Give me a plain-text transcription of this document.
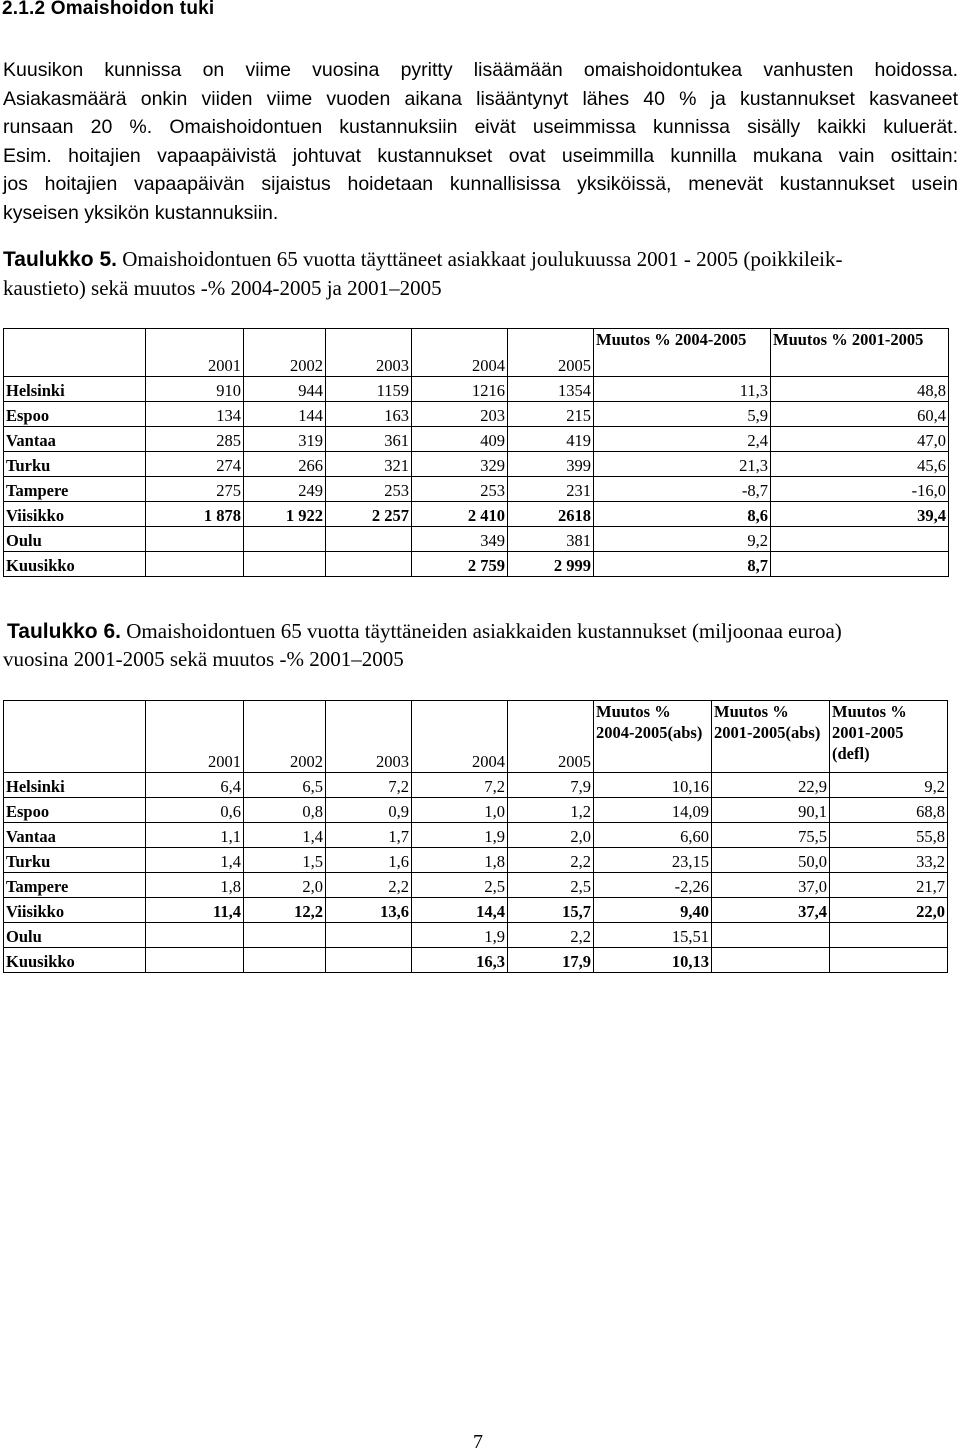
2.1.2 Omaishoidon tuki
Kuusikon kunnissa on viime vuosina pyritty lisäämään omaishoidontukea vanhusten hoidossa.
Asiakasmäärä onkin viiden viime vuoden aikana lisääntynyt lähes 40 % ja kustannukset kasvaneet
runsaan 20 %. Omaishoidontuen kustannuksiin eivät useimmissa kunnissa sisälly kaikki kuluerät.
Esim. hoitajien vapaapäivistä johtuvat kustannukset ovat useimmilla kunnilla mukana vain osittain:
jos hoitajien vapaapäivän sijaistus hoidetaan kunnallisissa yksiköissä, menevät kustannukset usein
kyseisen yksikön kustannuksiin.
Taulukko 5. Omaishoidontuen 65 vuotta täyttäneet asiakkaat joulukuussa 2001 - 2005 (poikkileik-
kaustieto) sekä muutos -% 2004-2005 ja 2001–2005
	2001	2002	2003	2004	2005	Muutos % 2004-2005	Muutos % 2001-2005
Helsinki	910	944	1159	1216	1354	11,3	48,8
Espoo	134	144	163	203	215	5,9	60,4
Vantaa	285	319	361	409	419	2,4	47,0
Turku	274	266	321	329	399	21,3	45,6
Tampere	275	249	253	253	231	-8,7	-16,0
Viisikko	1 878	1 922	2 257	2 410	2618	8,6	39,4
Oulu				349	381	9,2	
Kuusikko				2 759	2 999	8,7	
Taulukko 6. Omaishoidontuen 65 vuotta täyttäneiden asiakkaiden kustannukset (miljoonaa euroa)
vuosina 2001-2005 sekä muutos -% 2001–2005
	2001	2002	2003	2004	2005	Muutos % 2004-2005(abs)	Muutos % 2001-2005(abs)	Muutos % 2001-2005 (defl)
Helsinki	6,4	6,5	7,2	7,2	7,9	10,16	22,9	9,2
Espoo	0,6	0,8	0,9	1,0	1,2	14,09	90,1	68,8
Vantaa	1,1	1,4	1,7	1,9	2,0	6,60	75,5	55,8
Turku	1,4	1,5	1,6	1,8	2,2	23,15	50,0	33,2
Tampere	1,8	2,0	2,2	2,5	2,5	-2,26	37,0	21,7
Viisikko	11,4	12,2	13,6	14,4	15,7	9,40	37,4	22,0
Oulu				1,9	2,2	15,51		
Kuusikko				16,3	17,9	10,13		
7
